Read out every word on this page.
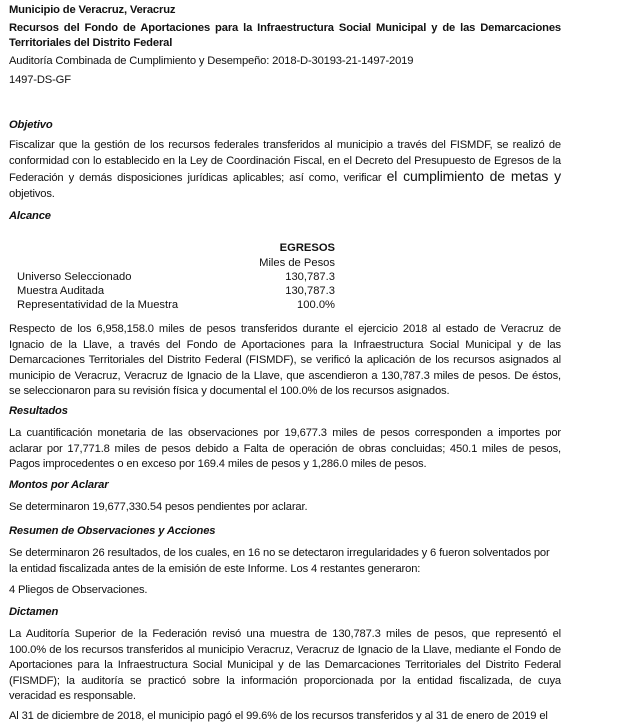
Municipio de Veracruz, Veracruz
Recursos del Fondo de Aportaciones para la Infraestructura Social Municipal y de las Demarcaciones Territoriales del Distrito Federal
Auditoría Combinada de Cumplimiento y Desempeño: 2018-D-30193-21-1497-2019
1497-DS-GF
Objetivo
Fiscalizar que la gestión de los recursos federales transferidos al municipio a través del FISMDF, se realizó de conformidad con lo establecido en la Ley de Coordinación Fiscal, en el Decreto del Presupuesto de Egresos de la Federación y demás disposiciones jurídicas aplicables; así como, verificar el cumplimiento de metas y objetivos.
Alcance
EGRESOS
Miles de Pesos
Universo Seleccionado	130,787.3
Muestra Auditada	130,787.3
Representatividad de la Muestra	100.0%
Respecto de los 6,958,158.0 miles de pesos transferidos durante el ejercicio 2018 al estado de Veracruz de Ignacio de la Llave, a través del Fondo de Aportaciones para la Infraestructura Social Municipal y de las Demarcaciones Territoriales del Distrito Federal (FISMDF), se verificó la aplicación de los recursos asignados al municipio de Veracruz, Veracruz de Ignacio de la Llave, que ascendieron a 130,787.3 miles de pesos. De éstos, se seleccionaron para su revisión física y documental el 100.0% de los recursos asignados.
Resultados
La cuantificación monetaria de las observaciones por 19,677.3 miles de pesos corresponden a importes por aclarar por 17,771.8 miles de pesos debido a Falta de operación de obras concluidas; 450.1 miles de pesos, Pagos improcedentes o en exceso por 169.4 miles de pesos y 1,286.0 miles de pesos.
Montos por Aclarar
Se determinaron 19,677,330.54 pesos pendientes por aclarar.
Resumen de Observaciones y Acciones
Se determinaron 26 resultados, de los cuales, en 16 no se detectaron irregularidades y 6 fueron solventados por la entidad fiscalizada antes de la emisión de este Informe. Los 4 restantes generaron:
4 Pliegos de Observaciones.
Dictamen
La Auditoría Superior de la Federación revisó una muestra de 130,787.3 miles de pesos, que representó el 100.0% de los recursos transferidos al municipio Veracruz, Veracruz de Ignacio de la Llave, mediante el Fondo de Aportaciones para la Infraestructura Social Municipal y de las Demarcaciones Territoriales del Distrito Federal (FISMDF); la auditoría se practicó sobre la información proporcionada por la entidad fiscalizada, de cuya veracidad es responsable.
Al 31 de diciembre de 2018, el municipio pagó el 99.6% de los recursos transferidos y al 31 de enero de 2019 el
